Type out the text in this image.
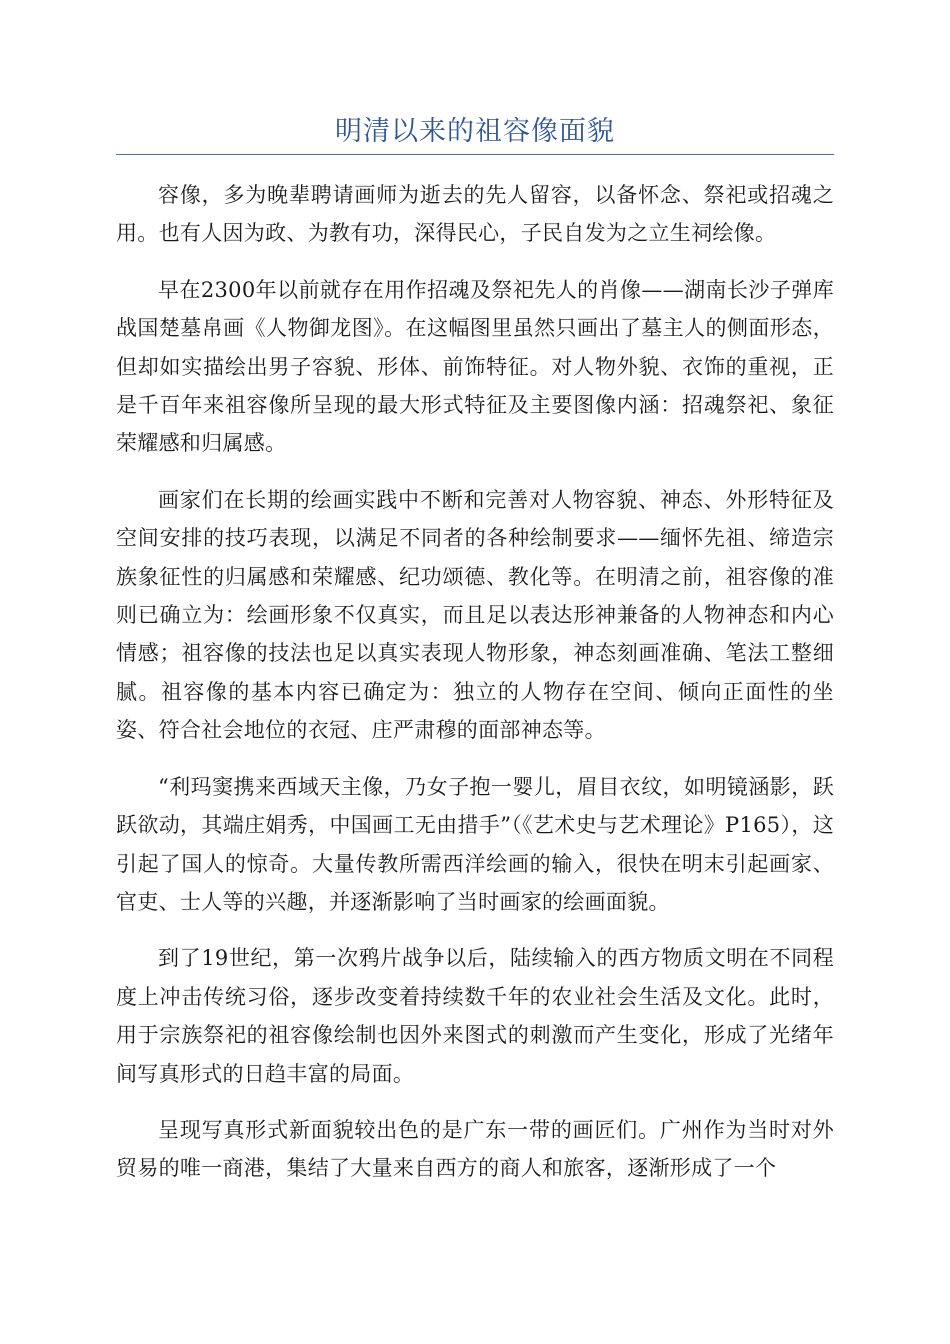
明清以来的祖容像面貌

容像，多为晚辈聘请画师为逝去的先人留容，以备怀念、祭祀或招魂之用。也有人因为政、为教有功，深得民心，子民自发为之立生祠绘像。

早在2300年以前就存在用作招魂及祭祀先人的肖像——湖南长沙子弹库战国楚墓帛画《人物御龙图》。在这幅图里虽然只画出了墓主人的侧面形态，但却如实描绘出男子容貌、形体、前饰特征。对人物外貌、衣饰的重视，正是千百年来祖容像所呈现的最大形式特征及主要图像内涵：招魂祭祀、象征荣耀感和归属感。

画家们在长期的绘画实践中不断和完善对人物容貌、神态、外形特征及空间安排的技巧表现，以满足不同者的各种绘制要求——缅怀先祖、缔造宗族象征性的归属感和荣耀感、纪功颂德、教化等。在明清之前，祖容像的准则已确立为：绘画形象不仅真实，而且足以表达形神兼备的人物神态和内心情感；祖容像的技法也足以真实表现人物形象，神态刻画准确、笔法工整细腻。祖容像的基本内容已确定为：独立的人物存在空间、倾向正面性的坐姿、符合社会地位的衣冠、庄严肃穆的面部神态等。

“利玛窦携来西域天主像，乃女子抱一婴儿，眉目衣纹，如明镜涵影，跃跃欲动，其端庄娟秀，中国画工无由措手”（《艺术史与艺术理论》P165），这引起了国人的惊奇。大量传教所需西洋绘画的输入，很快在明末引起画家、官吏、士人等的兴趣，并逐渐影响了当时画家的绘画面貌。

到了19世纪，第一次鸦片战争以后，陆续输入的西方物质文明在不同程度上冲击传统习俗，逐步改变着持续数千年的农业社会生活及文化。此时，用于宗族祭祀的祖容像绘制也因外来图式的刺激而产生变化，形成了光绪年间写真形式的日趋丰富的局面。

呈现写真形式新面貌较出色的是广东一带的画匠们。广州作为当时对外贸易的唯一商港，集结了大量来自西方的商人和旅客，逐渐形成了一个
